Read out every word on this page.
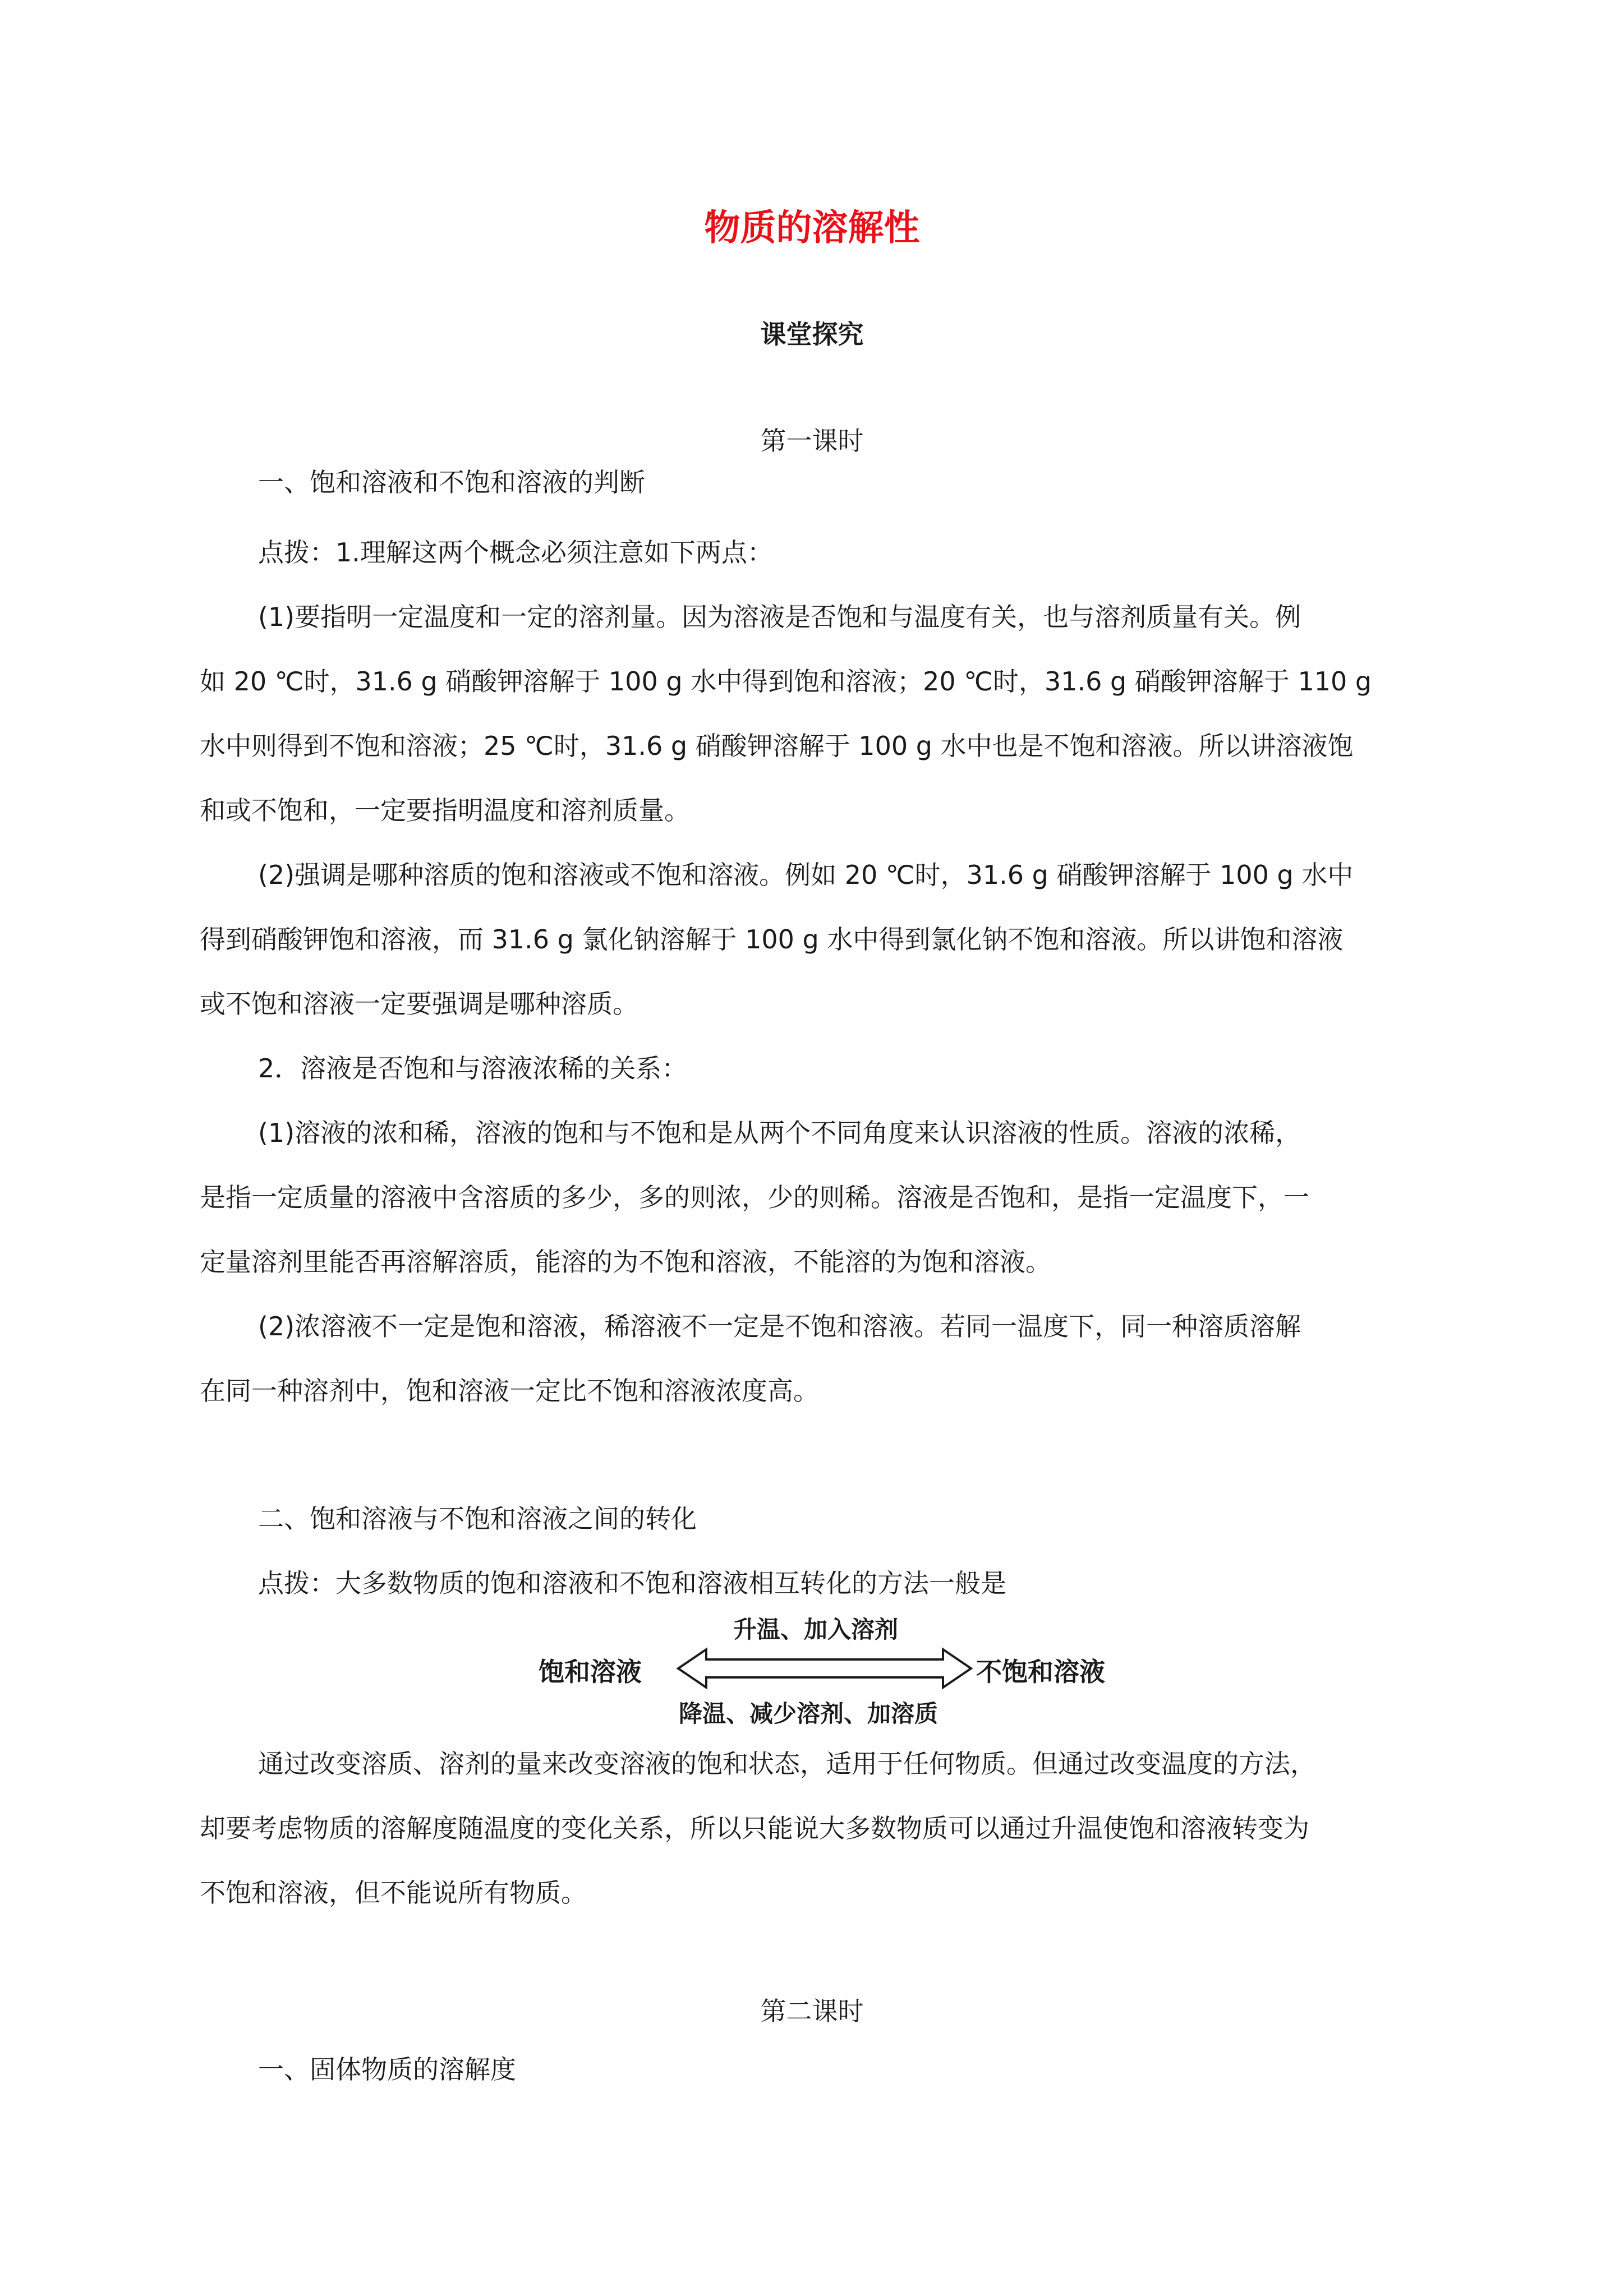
物质的溶解性
课堂探究
第一课时
一、饱和溶液和不饱和溶液的判断
点拨：1.理解这两个概念必须注意如下两点：
(1)要指明一定温度和一定的溶剂量。因为溶液是否饱和与温度有关，也与溶剂质量有关。例
如 20 ℃时，31.6 g 硝酸钾溶解于 100 g 水中得到饱和溶液；20 ℃时，31.6 g 硝酸钾溶解于 110 g
水中则得到不饱和溶液；25 ℃时，31.6 g 硝酸钾溶解于 100 g 水中也是不饱和溶液。所以讲溶液饱
和或不饱和，一定要指明温度和溶剂质量。
(2)强调是哪种溶质的饱和溶液或不饱和溶液。例如 20 ℃时，31.6 g 硝酸钾溶解于 100 g 水中
得到硝酸钾饱和溶液，而 31.6 g 氯化钠溶解于 100 g 水中得到氯化钠不饱和溶液。所以讲饱和溶液
或不饱和溶液一定要强调是哪种溶质。
2．溶液是否饱和与溶液浓稀的关系：
(1)溶液的浓和稀，溶液的饱和与不饱和是从两个不同角度来认识溶液的性质。溶液的浓稀，
是指一定质量的溶液中含溶质的多少，多的则浓，少的则稀。溶液是否饱和，是指一定温度下，一
定量溶剂里能否再溶解溶质，能溶的为不饱和溶液，不能溶的为饱和溶液。
(2)浓溶液不一定是饱和溶液，稀溶液不一定是不饱和溶液。若同一温度下，同一种溶质溶解
在同一种溶剂中，饱和溶液一定比不饱和溶液浓度高。
二、饱和溶液与不饱和溶液之间的转化
点拨：大多数物质的饱和溶液和不饱和溶液相互转化的方法一般是
饱和溶液
升温、加入溶剂
降温、减少溶剂、加溶质
不饱和溶液
通过改变溶质、溶剂的量来改变溶液的饱和状态，适用于任何物质。但通过改变温度的方法，
却要考虑物质的溶解度随温度的变化关系，所以只能说大多数物质可以通过升温使饱和溶液转变为
不饱和溶液，但不能说所有物质。
第二课时
一、固体物质的溶解度
